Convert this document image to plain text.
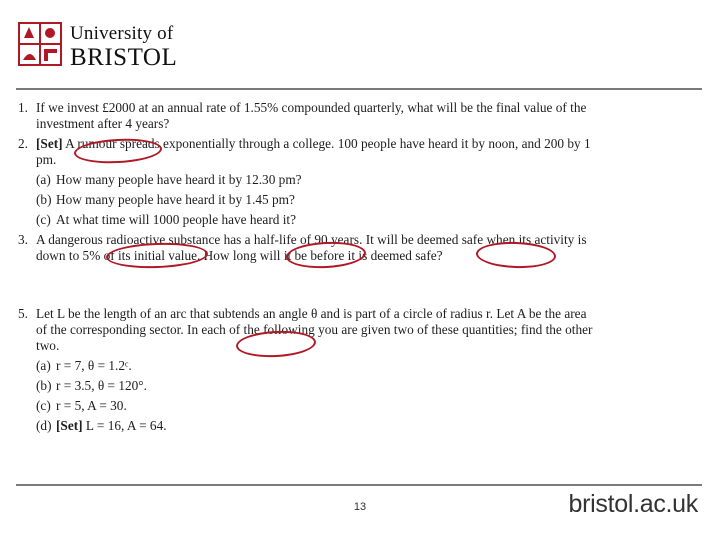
University of
BRISTOL
1. If we invest £2000 at an annual rate of 1.55% compounded quarterly, what will be the final value of the
investment after 4 years?
2. [Set] A rumour spreads exponentially through a college. 100 people have heard it by noon, and 200 by 1
pm.
(a) How many people have heard it by 12.30 pm?
(b) How many people have heard it by 1.45 pm?
(c) At what time will 1000 people have heard it?
3. A dangerous radioactive substance has a half-life of 90 years. It will be deemed safe when its activity is
down to 5% of its initial value. How long will it be before it is deemed safe?
5. Let L be the length of an arc that subtends an angle θ and is part of a circle of radius r. Let A be the area
of the corresponding sector. In each of the following you are given two of these quantities; find the other
two.
(a) r = 7, θ = 1.2ᶜ.
(b) r = 3.5, θ = 120°.
(c) r = 5, A = 30.
(d) [Set] L = 16, A = 64.
13	bristol.ac.uk
